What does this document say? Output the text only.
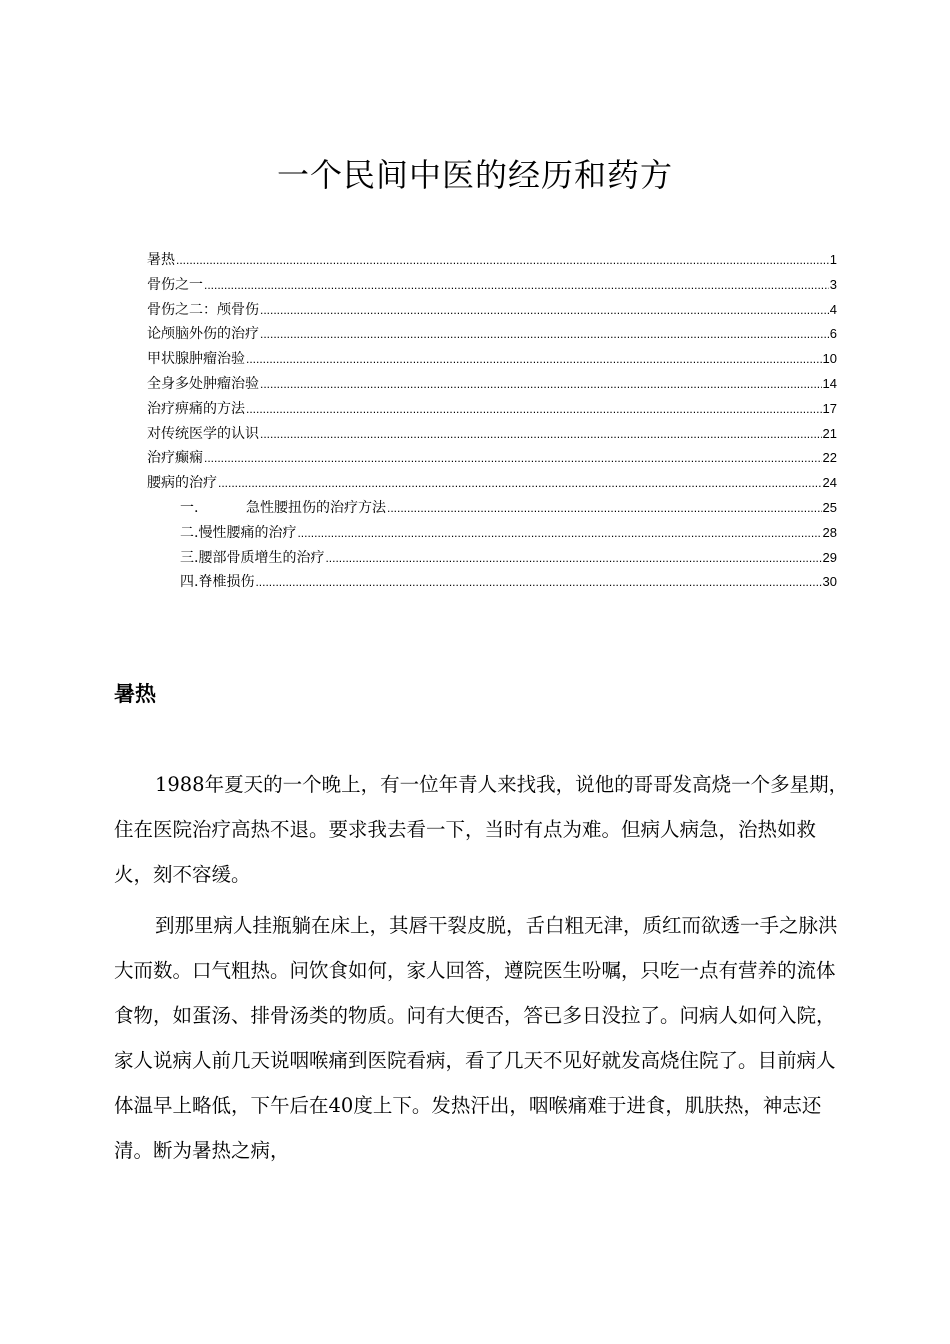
一个民间中医的经历和药方
暑热 .....	1
骨伤之一 .....	3
骨伤之二：颅骨伤 .....	4
论颅脑外伤的治疗 .....	6
甲状腺肿瘤治验 .....	10
全身多处肿瘤治验 .....	14
治疗痹痛的方法 .....	17
对传统医学的认识 .....	21
治疗癫痫 .....	22
腰病的治疗 .....	24
一.	急性腰扭伤的治疗方法 .....	25
二.慢性腰痛的治疗 .....	28
三.腰部骨质增生的治疗 .....	29
四.脊椎损伤 .....	30
暑热

1988年夏天的一个晚上，有一位年青人来找我，说他的哥哥发高烧一个多星期，住在医院治疗高热不退。要求我去看一下，当时有点为难。但病人病急，治热如救火，刻不容缓。

到那里病人挂瓶躺在床上，其唇干裂皮脱，舌白粗无津，质红而欲透一手之脉洪大而数。口气粗热。问饮食如何，家人回答，遵院医生吩嘱，只吃一点有营养的流体食物，如蛋汤、排骨汤类的物质。问有大便否，答已多日没拉了。问病人如何入院，家人说病人前几天说咽喉痛到医院看病，看了几天不见好就发高烧住院了。目前病人体温早上略低，下午后在40度上下。发热汗出，咽喉痛难于进食，肌肤热，神志还清。断为暑热之病，
